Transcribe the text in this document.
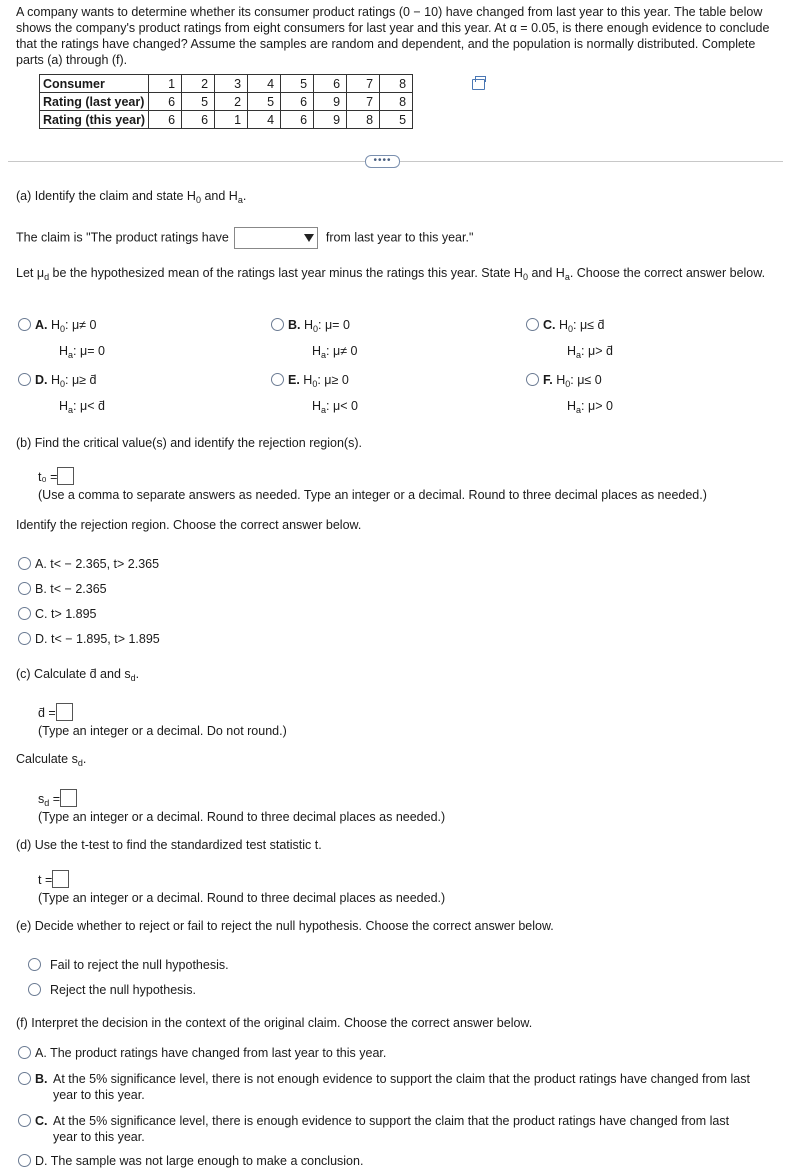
A company wants to determine whether its consumer product ratings (0 − 10) have changed from last year to this year. The table below shows the company's product ratings from eight consumers for last year and this year. At α = 0.05, is there enough evidence to conclude that the ratings have changed? Assume the samples are random and dependent, and the population is normally distributed. Complete parts (a) through (f).
Consumer	1	2	3	4	5	6	7	8
Rating (last year)	6	5	2	5	6	9	7	8
Rating (this year)	6	6	1	4	6	9	8	5
••••
(a) Identify the claim and state $H_0$ and $H_a$.
The claim is "The product ratings have	from last year to this year."
Let $\mu_d$ be the hypothesized mean of the ratings last year minus the ratings this year. State $H_0$ and $H_a$. Choose the correct answer below.
A. $H_0$: μ≠ 0
$H_a$: μ= 0
B. $H_0$: μ= 0
$H_a$: μ≠ 0
C. $H_0$: μ≤ d̄
$H_a$: μ> d̄
D. $H_0$: μ≥ d̄
$H_a$: μ< d̄
E. $H_0$: μ≥ 0
$H_a$: μ< 0
F. $H_0$: μ≤ 0
$H_a$: μ> 0
(b) Find the critical value(s) and identify the rejection region(s).
t₀ =
(Use a comma to separate answers as needed. Type an integer or a decimal. Round to three decimal places as needed.)
Identify the rejection region. Choose the correct answer below.
A. t< − 2.365, t> 2.365
B. t< − 2.365
C. t> 1.895
D. t< − 1.895, t> 1.895
(c) Calculate d̄ and $s_d$.
d̄ =
(Type an integer or a decimal. Do not round.)
Calculate $s_d$.
$s_d$ =
(Type an integer or a decimal. Round to three decimal places as needed.)
(d) Use the t-test to find the standardized test statistic t.
t =
(Type an integer or a decimal. Round to three decimal places as needed.)
(e) Decide whether to reject or fail to reject the null hypothesis. Choose the correct answer below.
Fail to reject the null hypothesis.
Reject the null hypothesis.
(f) Interpret the decision in the context of the original claim. Choose the correct answer below.
A. The product ratings have changed from last year to this year.
B. At the 5% significance level, there is not enough evidence to support the claim that the product ratings have changed from last year to this year.
C. At the 5% significance level, there is enough evidence to support the claim that the product ratings have changed from last year to this year.
D. The sample was not large enough to make a conclusion.
